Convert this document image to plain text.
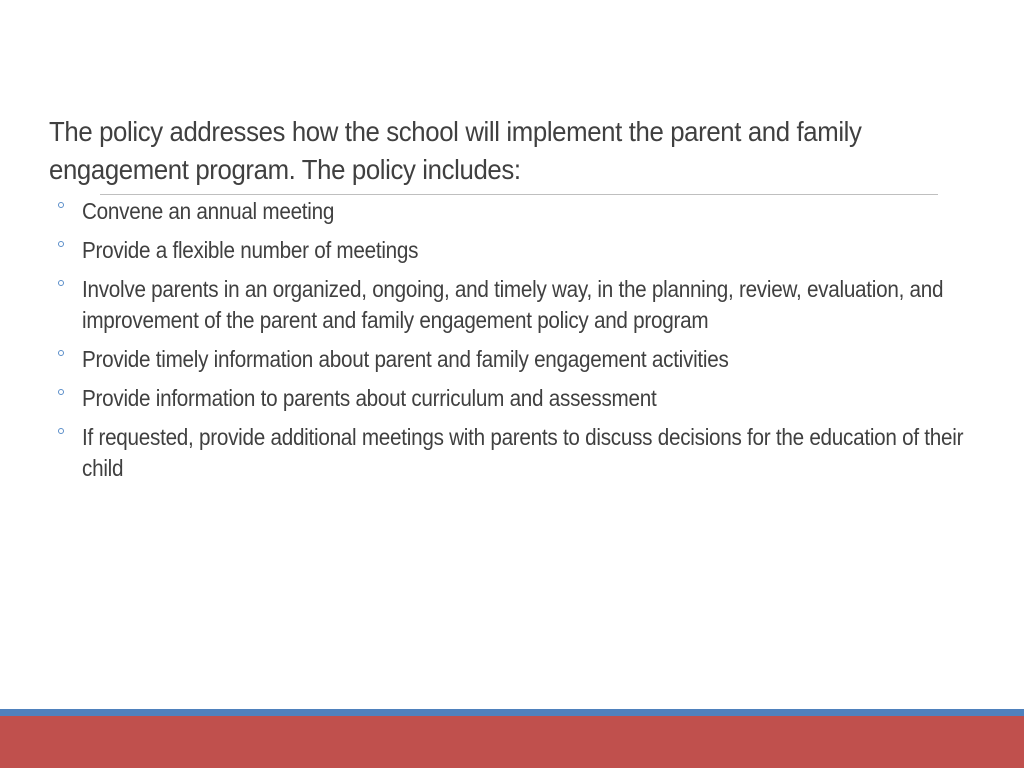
The policy addresses how the school will implement the parent and family engagement program. The policy includes:

Convene an annual meeting
Provide a flexible number of meetings
Involve parents in an organized, ongoing, and timely way, in the planning, review, evaluation, and improvement of the parent and family engagement policy and program
Provide timely information about parent and family engagement activities
Provide information to parents about curriculum and assessment
If requested, provide additional meetings with parents to discuss decisions for the education of their child
